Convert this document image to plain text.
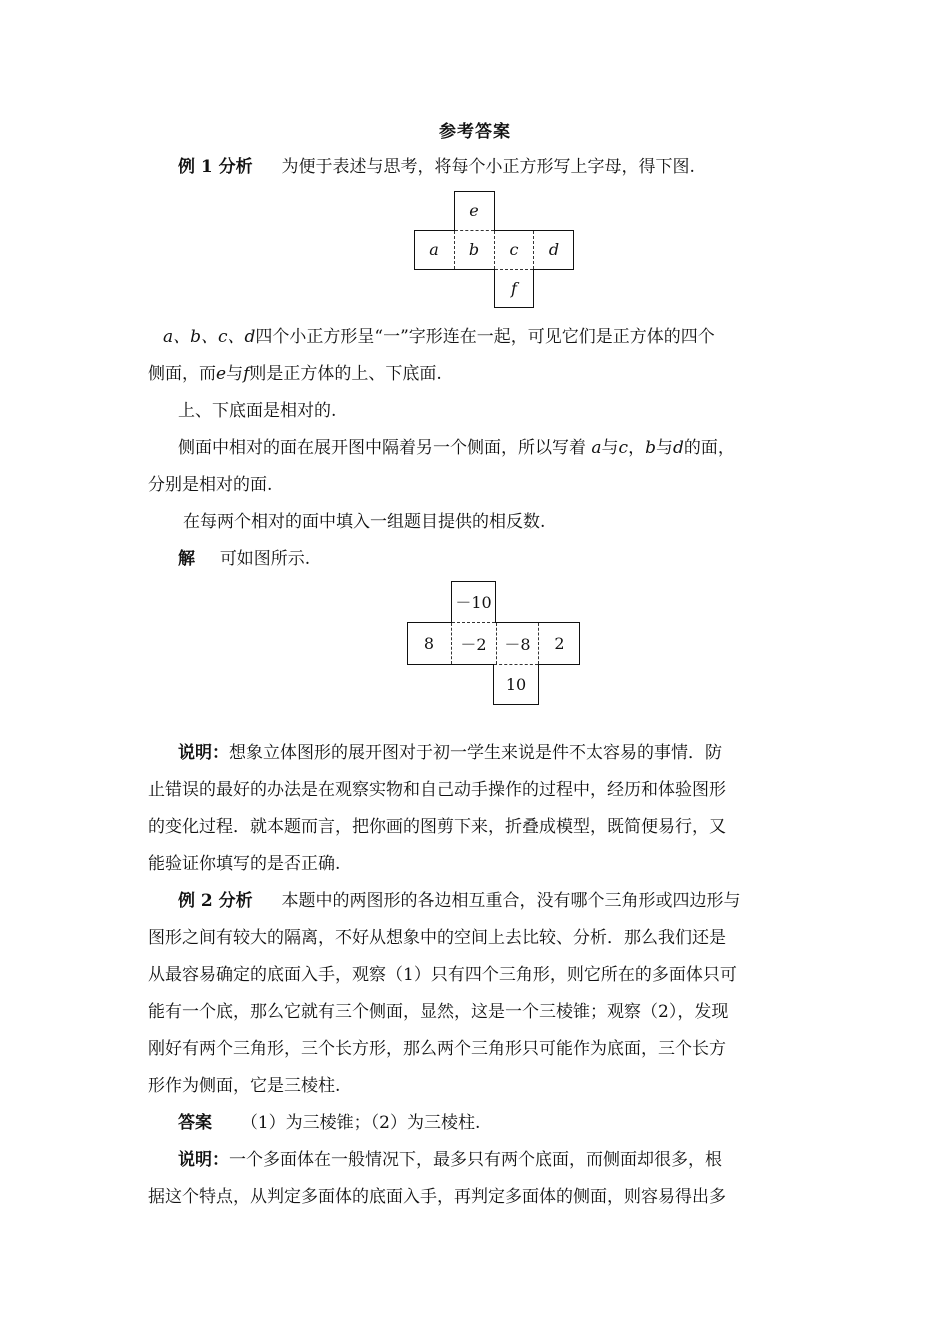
参考答案
例 1 分析 为便于表述与思考，将每个小正方形写上字母，得下图.
e
a	b	c	d
f
a、b、c、d四个小正方形呈“一”字形连在一起，可见它们是正方体的四个
侧面，而e与f则是正方体的上、下底面.
上、下底面是相对的.
侧面中相对的面在展开图中隔着另一个侧面，所以写着 a与c，b与d的面，
分别是相对的面.
在每两个相对的面中填入一组题目提供的相反数.
解 可如图所示.
－10
8	－2	－8	2
10
说明：想象立体图形的展开图对于初一学生来说是件不太容易的事情．防
止错误的最好的办法是在观察实物和自己动手操作的过程中，经历和体验图形
的变化过程．就本题而言，把你画的图剪下来，折叠成模型，既简便易行，又
能验证你填写的是否正确.
例 2 分析 本题中的两图形的各边相互重合，没有哪个三角形或四边形与
图形之间有较大的隔离，不好从想象中的空间上去比较、分析．那么我们还是
从最容易确定的底面入手，观察（1）只有四个三角形，则它所在的多面体只可
能有一个底，那么它就有三个侧面，显然，这是一个三棱锥；观察（2），发现
刚好有两个三角形，三个长方形，那么两个三角形只可能作为底面，三个长方
形作为侧面，它是三棱柱.
答案 （1）为三棱锥；（2）为三棱柱.
说明：一个多面体在一般情况下，最多只有两个底面，而侧面却很多，根
据这个特点，从判定多面体的底面入手，再判定多面体的侧面，则容易得出多
